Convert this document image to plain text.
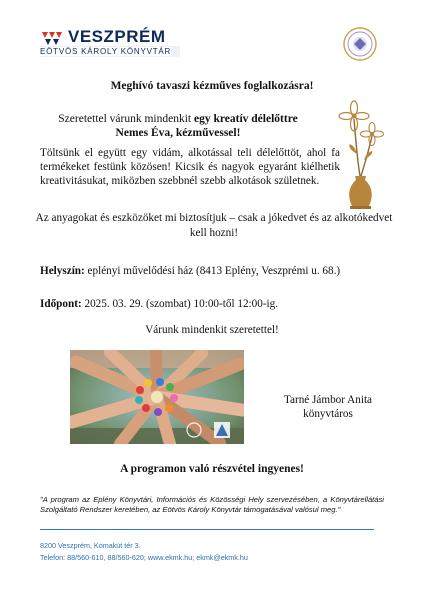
VESZPRÉM
EÖTVÖS KÁROLY KÖNYVTÁR
Meghívó tavaszi kézműves foglalkozásra!
Szeretettel várunk mindenkit egy kreatív délelőttre
Nemes Éva, kézművessel!
Töltsünk el együtt egy vidám, alkotással teli délelőttöt, ahol fa termékeket festünk közösen! Kicsik és nagyok egyaránt kiélhetik kreativitásukat, miközben szebbnél szebb alkotások születnek.
Az anyagokat és eszközöket mi biztosítjuk – csak a jókedvet és az alkotókedvet kell hozni!
Helyszín: eplényi művelődési ház (8413 Eplény, Veszprémi u. 68.)
Időpont: 2025. 03. 29. (szombat) 10:00-től 12:00-ig.
Várunk mindenkit szeretettel!
Tarné Jámbor Anita
könyvtáros
A programon való részvétel ingyenes!
"A program az Eplény Könyvtári, Információs és Közösségi Hely szervezésében, a Könyvtárellátási Szolgáltató Rendszer keretében, az Eötvös Károly Könyvtár támogatásával valósul meg."
8200 Veszprém, Komakút tér 3.
Telefon: 88/560-610, 88/560-620; www.ekmk.hu; ekmk@ekmk.hu
